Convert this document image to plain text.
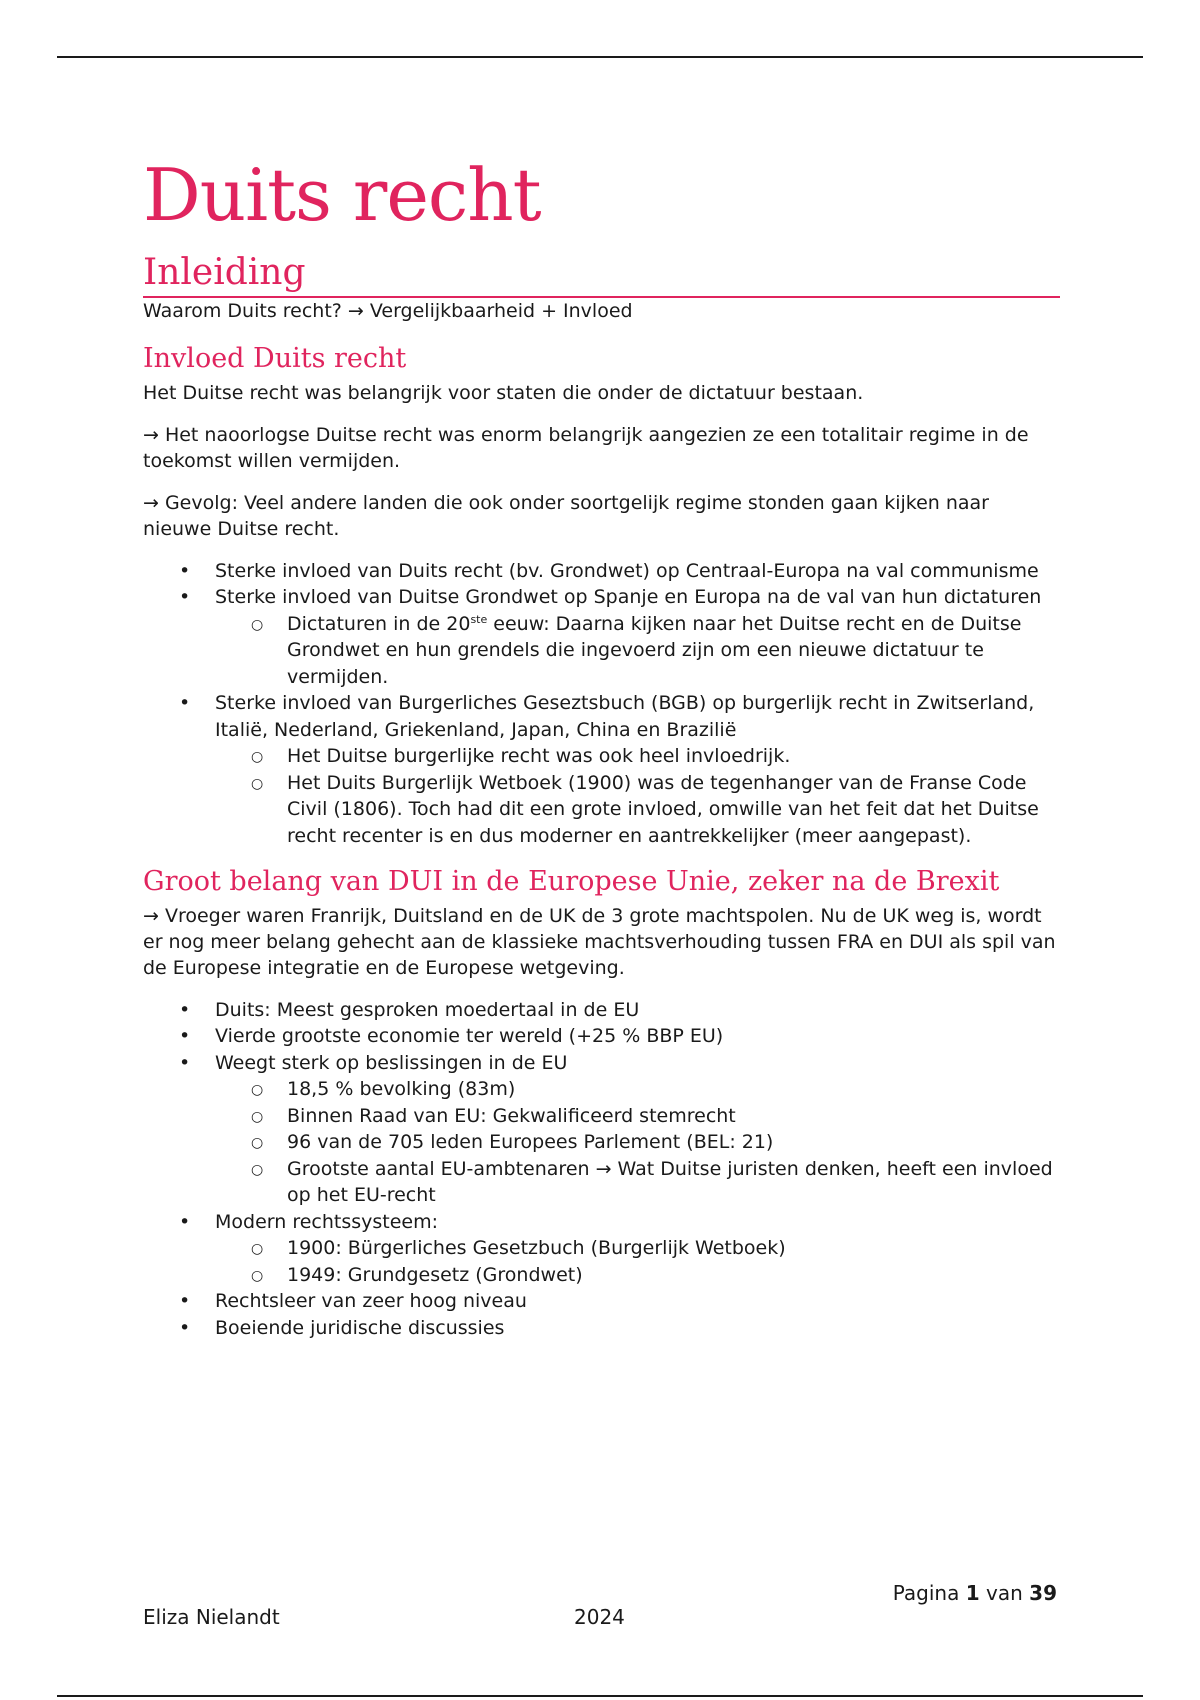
Duits recht
Inleiding

Waarom Duits recht? → Vergelijkbaarheid + Invloed

Invloed Duits recht

Het Duitse recht was belangrijk voor staten die onder de dictatuur bestaan.

→ Het naoorlogse Duitse recht was enorm belangrijk aangezien ze een totalitair regime in de toekomst willen vermijden.

→ Gevolg: Veel andere landen die ook onder soortgelijk regime stonden gaan kijken naar nieuwe Duitse recht.

• Sterke invloed van Duits recht (bv. Grondwet) op Centraal-Europa na val communisme
• Sterke invloed van Duitse Grondwet op Spanje en Europa na de val van hun dictaturen
○ Dictaturen in de 20ste eeuw: Daarna kijken naar het Duitse recht en de Duitse Grondwet en hun grendels die ingevoerd zijn om een nieuwe dictatuur te vermijden.
• Sterke invloed van Burgerliches Geseztsbuch (BGB) op burgerlijk recht in Zwitserland, Italië, Nederland, Griekenland, Japan, China en Brazilië
○ Het Duitse burgerlijke recht was ook heel invloedrijk.
○ Het Duits Burgerlijk Wetboek (1900) was de tegenhanger van de Franse Code Civil (1806). Toch had dit een grote invloed, omwille van het feit dat het Duitse recht recenter is en dus moderner en aantrekkelijker (meer aangepast).
Groot belang van DUI in de Europese Unie, zeker na de Brexit

→ Vroeger waren Franrijk, Duitsland en de UK de 3 grote machtspolen. Nu de UK weg is, wordt er nog meer belang gehecht aan de klassieke machtsverhouding tussen FRA en DUI als spil van de Europese integratie en de Europese wetgeving.

• Duits: Meest gesproken moedertaal in de EU
• Vierde grootste economie ter wereld (+25 % BBP EU)
• Weegt sterk op beslissingen in de EU
○ 18,5 % bevolking (83m)
○ Binnen Raad van EU: Gekwalificeerd stemrecht
○ 96 van de 705 leden Europees Parlement (BEL: 21)
○ Grootste aantal EU-ambtenaren → Wat Duitse juristen denken, heeft een invloed op het EU-recht
• Modern rechtssysteem:
○ 1900: Bürgerliches Gesetzbuch (Burgerlijk Wetboek)
○ 1949: Grundgesetz (Grondwet)
• Rechtsleer van zeer hoog niveau
• Boeiende juridische discussies
Pagina 1 van 39
Eliza Nielandt	2024
